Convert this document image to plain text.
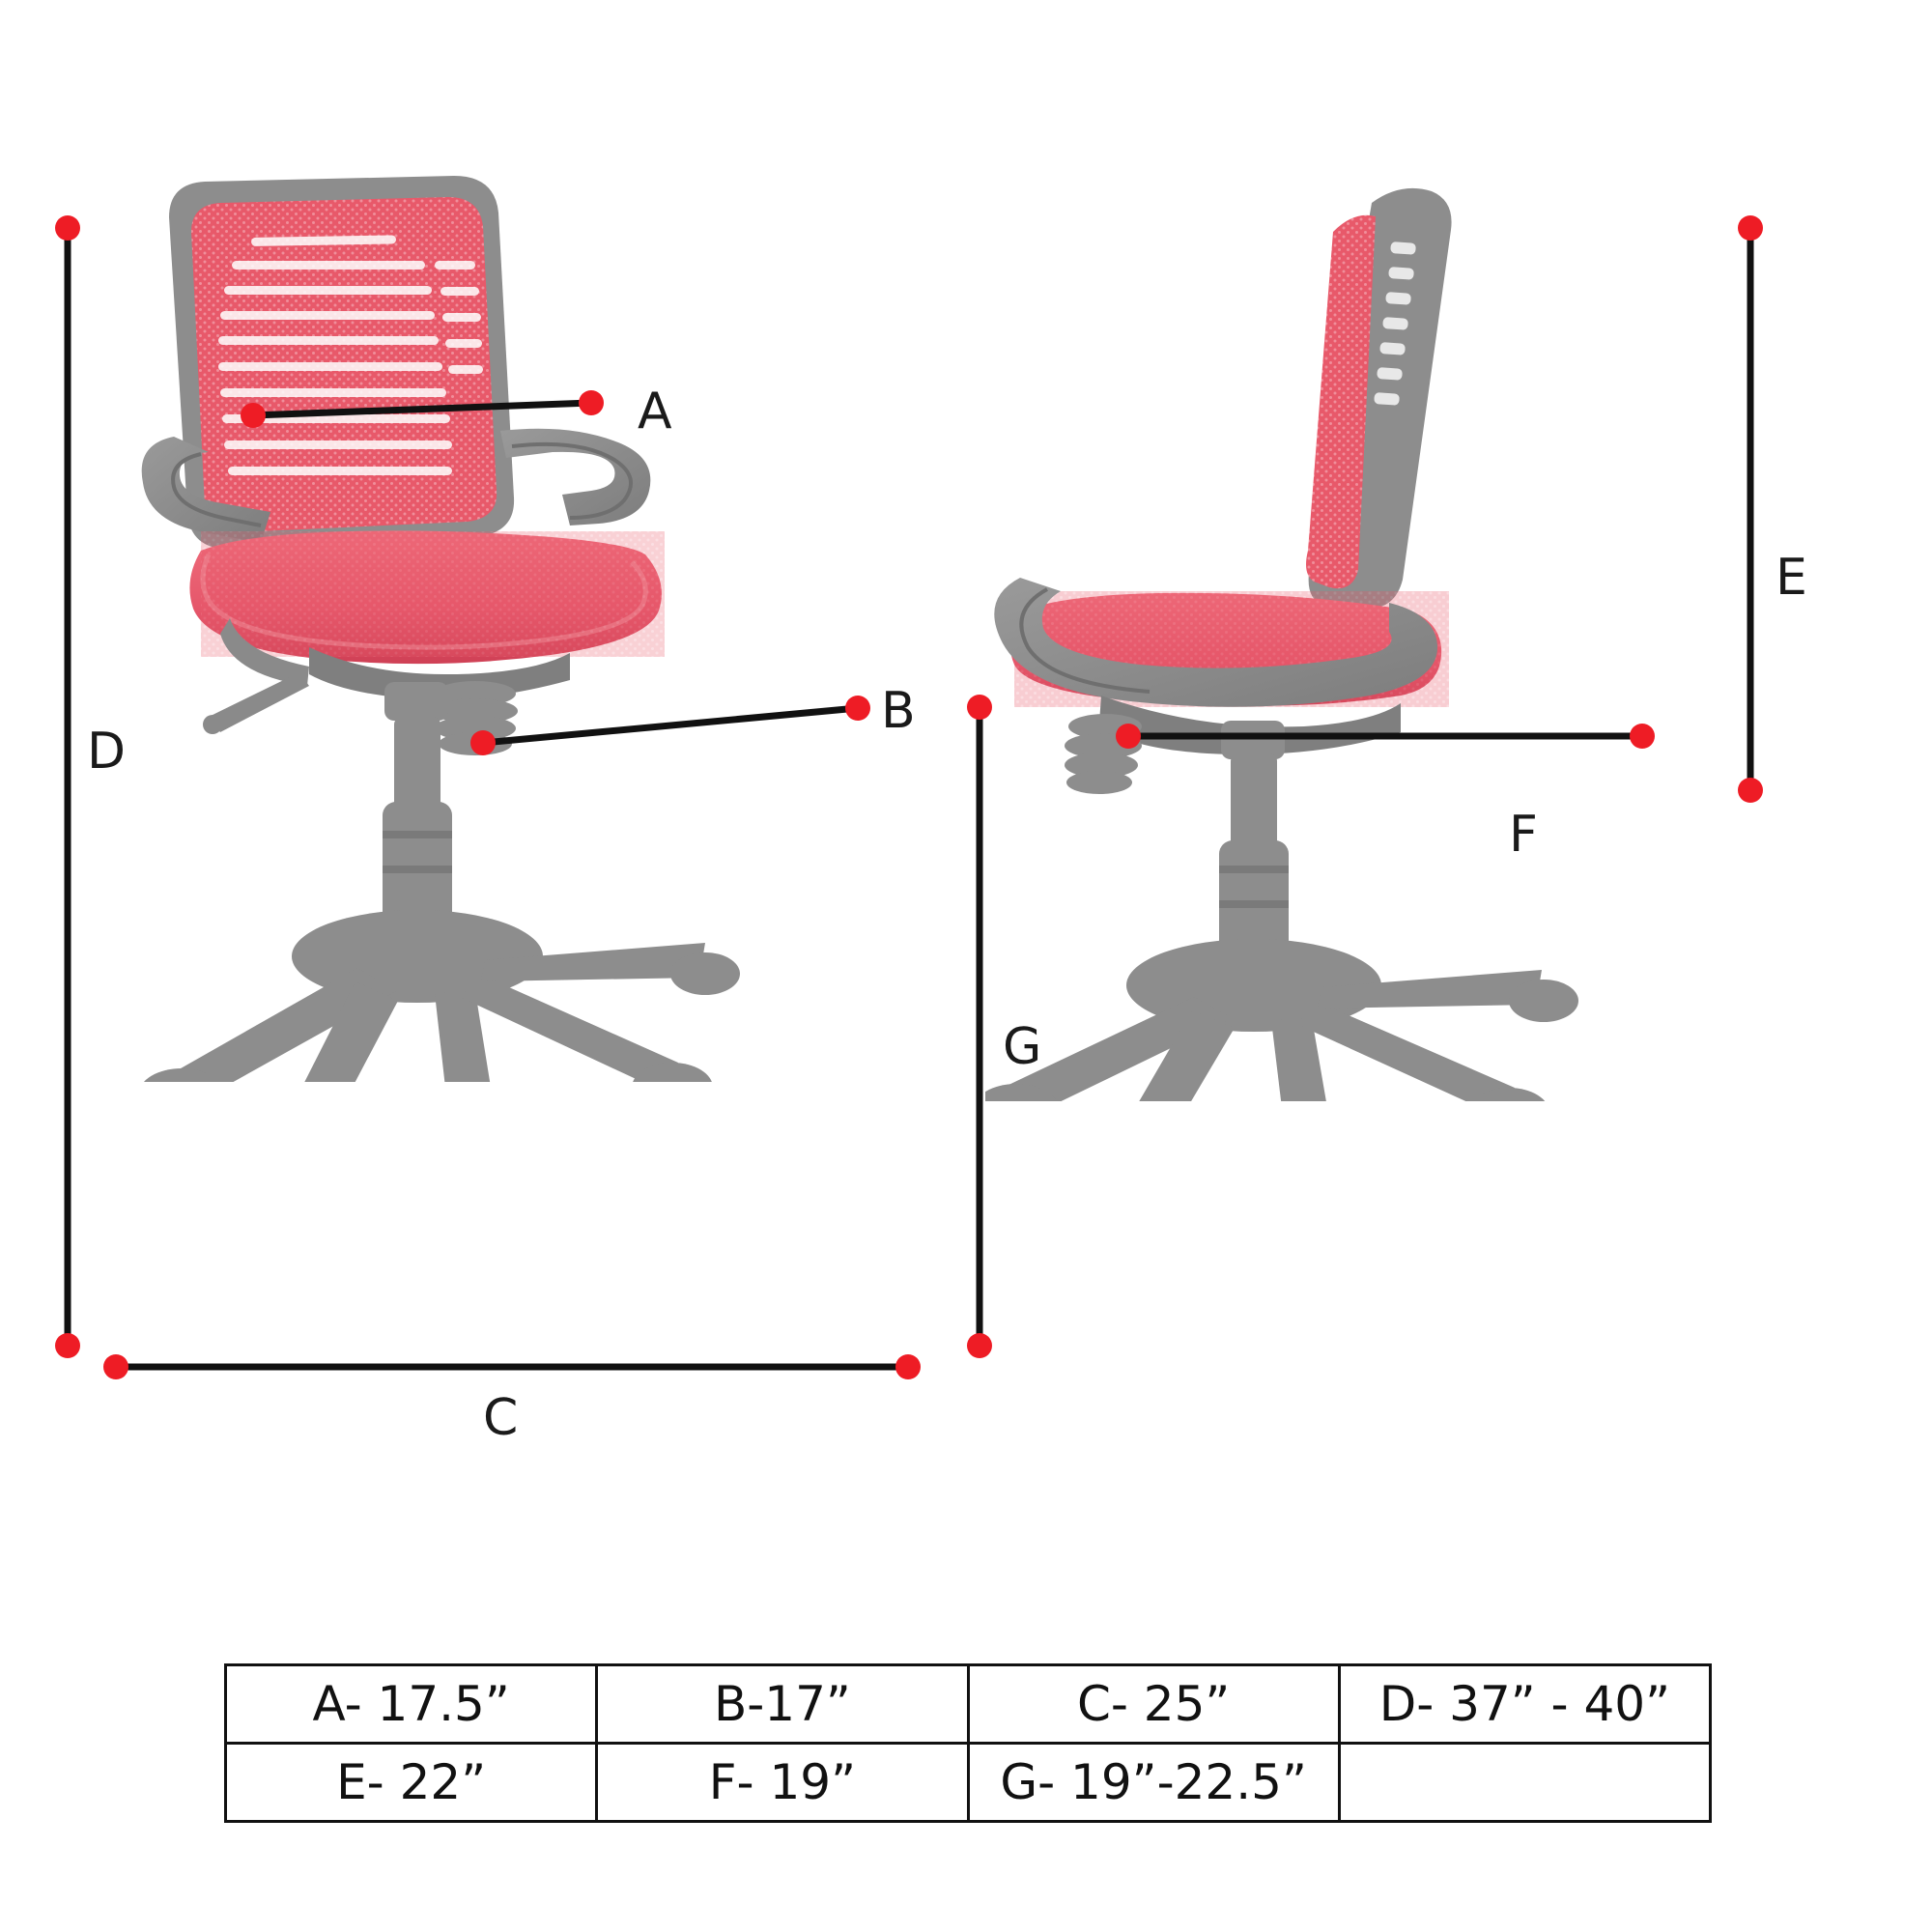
A
B
C
D
E
F
G
A- 17.5”	B-17”	C- 25”	D- 37” - 40”
E- 22”	F- 19”	G- 19”-22.5”	
